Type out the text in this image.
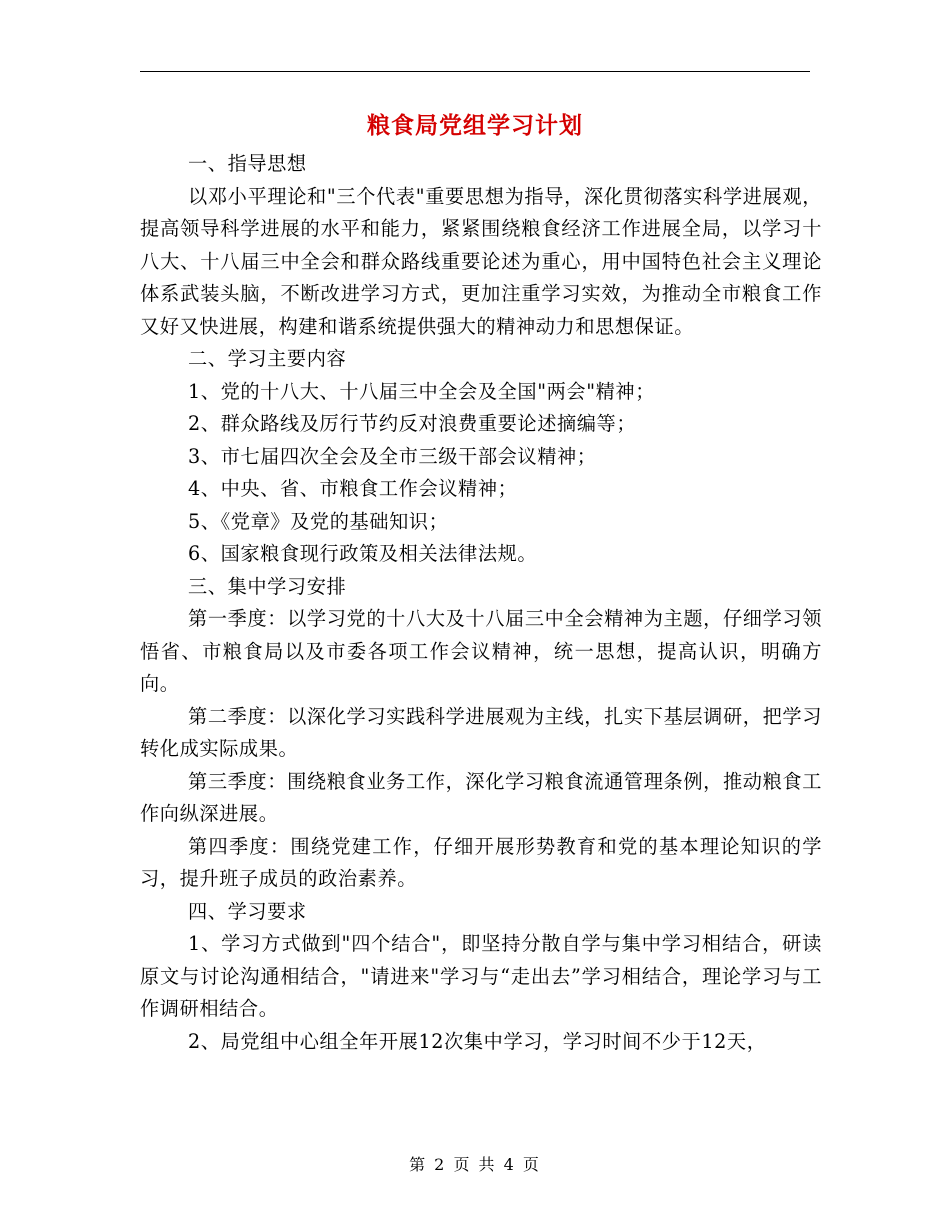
粮食局党组学习计划

一、指导思想

以邓小平理论和"三个代表"重要思想为指导，深化贯彻落实科学进展观，提高领导科学进展的水平和能力，紧紧围绕粮食经济工作进展全局，以学习十八大、十八届三中全会和群众路线重要论述为重心，用中国特色社会主义理论体系武装头脑，不断改进学习方式，更加注重学习实效，为推动全市粮食工作又好又快进展，构建和谐系统提供强大的精神动力和思想保证。

二、学习主要内容

1、党的十八大、十八届三中全会及全国"两会"精神；

2、群众路线及厉行节约反对浪费重要论述摘编等；

3、市七届四次全会及全市三级干部会议精神；

4、中央、省、市粮食工作会议精神；

5、《党章》及党的基础知识；

6、国家粮食现行政策及相关法律法规。

三、集中学习安排

第一季度：以学习党的十八大及十八届三中全会精神为主题，仔细学习领悟省、市粮食局以及市委各项工作会议精神，统一思想，提高认识，明确方向。

第二季度：以深化学习实践科学进展观为主线，扎实下基层调研，把学习转化成实际成果。

第三季度：围绕粮食业务工作，深化学习粮食流通管理条例，推动粮食工作向纵深进展。

第四季度：围绕党建工作，仔细开展形势教育和党的基本理论知识的学习，提升班子成员的政治素养。

四、学习要求

1、学习方式做到"四个结合"，即坚持分散自学与集中学习相结合，研读原文与讨论沟通相结合，"请进来"学习与“走出去”学习相结合，理论学习与工作调研相结合。

2、局党组中心组全年开展12次集中学习，学习时间不少于12天，

第 2 页 共 4 页
